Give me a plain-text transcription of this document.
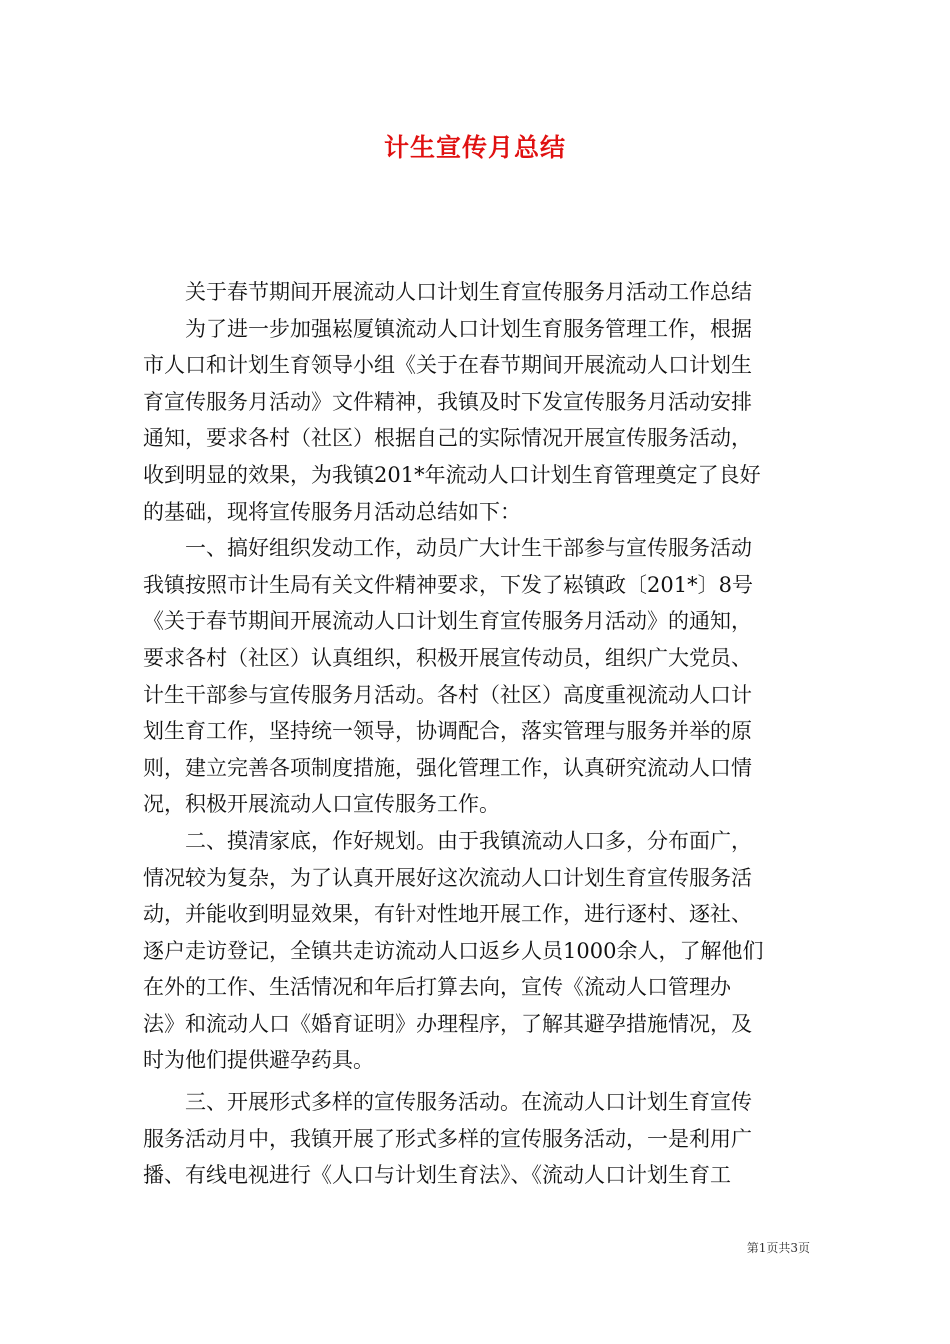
计生宣传月总结
　　关于春节期间开展流动人口计划生育宣传服务月活动工作总结
　　为了进一步加强崧厦镇流动人口计划生育服务管理工作，根据
市人口和计划生育领导小组《关于在春节期间开展流动人口计划生
育宣传服务月活动》文件精神，我镇及时下发宣传服务月活动安排
通知，要求各村（社区）根据自己的实际情况开展宣传服务活动，
收到明显的效果，为我镇201*年流动人口计划生育管理奠定了良好
的基础，现将宣传服务月活动总结如下：
　　一、搞好组织发动工作，动员广大计生干部参与宣传服务活动
我镇按照市计生局有关文件精神要求，下发了崧镇政〔201*〕8号
《关于春节期间开展流动人口计划生育宣传服务月活动》的通知，
要求各村（社区）认真组织，积极开展宣传动员，组织广大党员、
计生干部参与宣传服务月活动。各村（社区）高度重视流动人口计
划生育工作，坚持统一领导，协调配合，落实管理与服务并举的原
则，建立完善各项制度措施，强化管理工作，认真研究流动人口情
况，积极开展流动人口宣传服务工作。
　　二、摸清家底，作好规划。由于我镇流动人口多，分布面广，
情况较为复杂，为了认真开展好这次流动人口计划生育宣传服务活
动，并能收到明显效果，有针对性地开展工作，进行逐村、逐社、
逐户走访登记，全镇共走访流动人口返乡人员1000余人，了解他们
在外的工作、生活情况和年后打算去向，宣传《流动人口管理办
法》和流动人口《婚育证明》办理程序，了解其避孕措施情况，及
时为他们提供避孕药具。
　　三、开展形式多样的宣传服务活动。在流动人口计划生育宣传
服务活动月中，我镇开展了形式多样的宣传服务活动，一是利用广
播、有线电视进行《人口与计划生育法》、《流动人口计划生育工
第1页共3页
